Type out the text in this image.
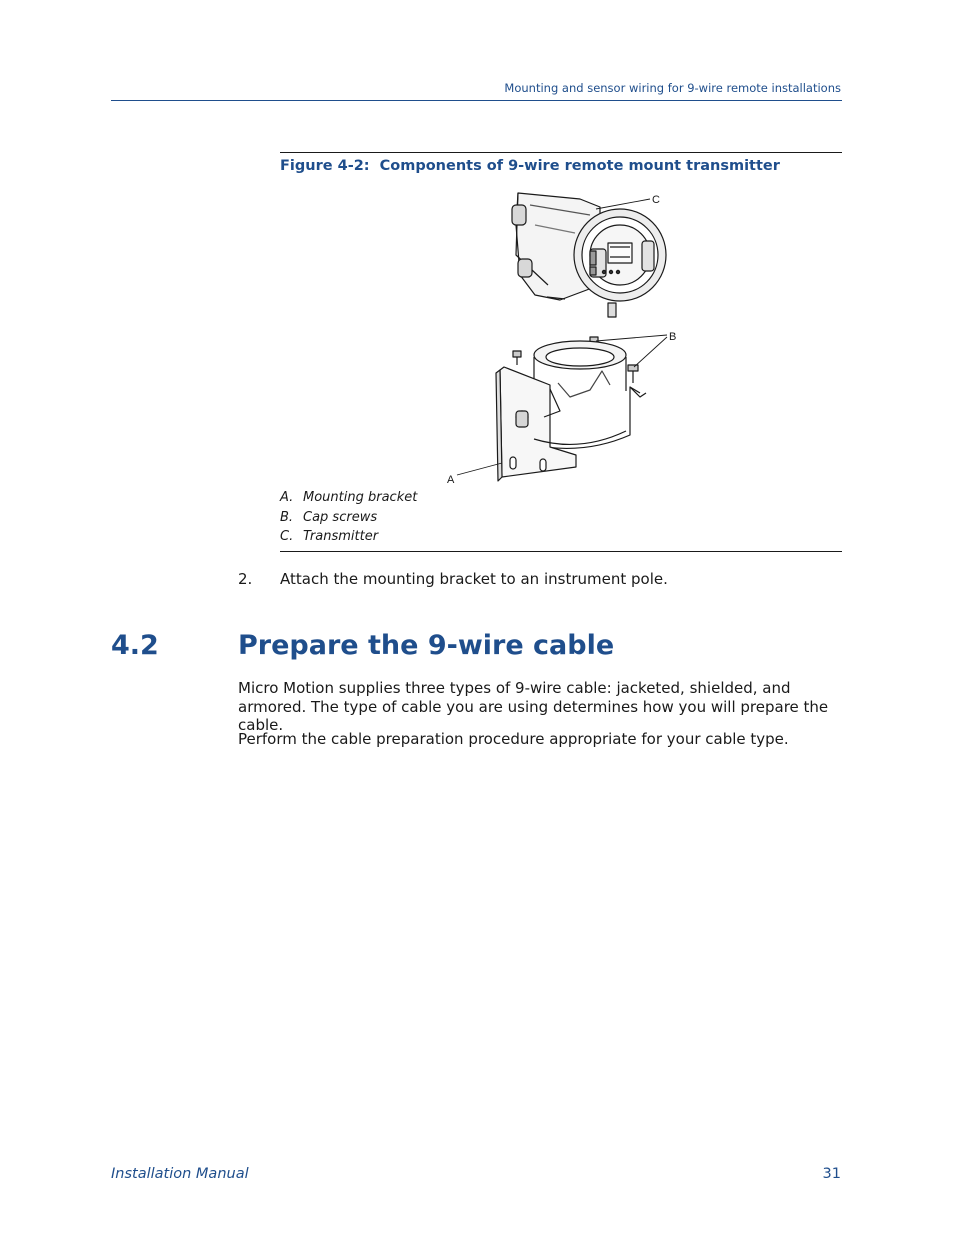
Mounting and sensor wiring for 9-wire remote installations
Figure 4-2: Components of 9-wire remote mount transmitter
C
B
A
A. Mounting bracket
B. Cap screws
C. Transmitter
2.	Attach the mounting bracket to an instrument pole.
4.2	Prepare the 9-wire cable
Micro Motion supplies three types of 9-wire cable: jacketed, shielded, and armored. The type of cable you are using determines how you will prepare the cable.
Perform the cable preparation procedure appropriate for your cable type.
Installation Manual	31
